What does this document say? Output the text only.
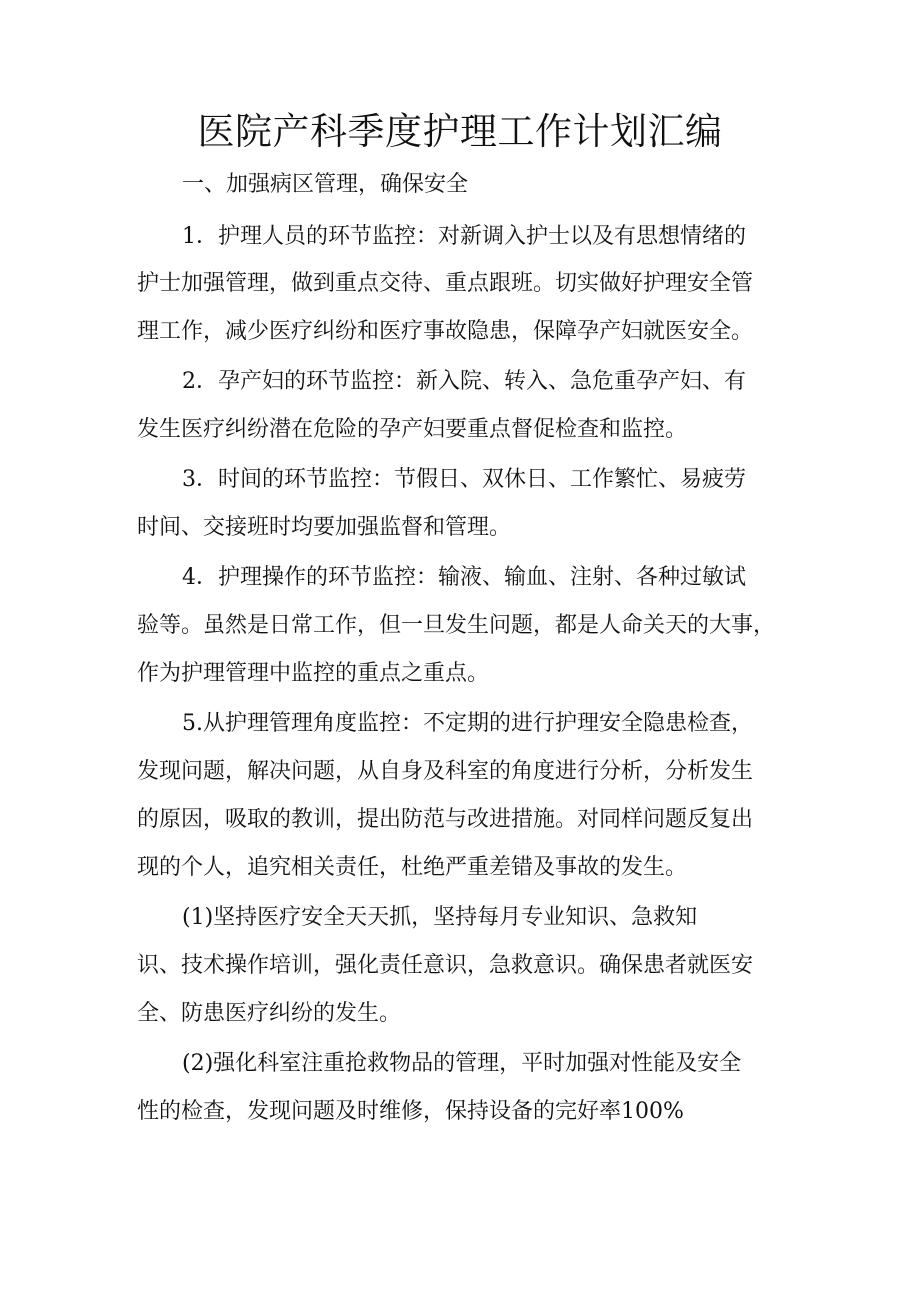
医院产科季度护理工作计划汇编

一、加强病区管理，确保安全

1．护理人员的环节监控：对新调入护士以及有思想情绪的

护士加强管理，做到重点交待、重点跟班。切实做好护理安全管

理工作，减少医疗纠纷和医疗事故隐患，保障孕产妇就医安全。

2．孕产妇的环节监控：新入院、转入、急危重孕产妇、有

发生医疗纠纷潜在危险的孕产妇要重点督促检查和监控。

3．时间的环节监控：节假日、双休日、工作繁忙、易疲劳

时间、交接班时均要加强监督和管理。

4．护理操作的环节监控：输液、输血、注射、各种过敏试

验等。虽然是日常工作，但一旦发生问题，都是人命关天的大事，

作为护理管理中监控的重点之重点。

5.从护理管理角度监控：不定期的进行护理安全隐患检查，

发现问题，解决问题，从自身及科室的角度进行分析，分析发生

的原因，吸取的教训，提出防范与改进措施。对同样问题反复出

现的个人，追究相关责任，杜绝严重差错及事故的发生。

(1)坚持医疗安全天天抓，坚持每月专业知识、急救知

识、技术操作培训，强化责任意识，急救意识。确保患者就医安

全、防患医疗纠纷的发生。

(2)强化科室注重抢救物品的管理，平时加强对性能及安全

性的检查，发现问题及时维修，保持设备的完好率100%
